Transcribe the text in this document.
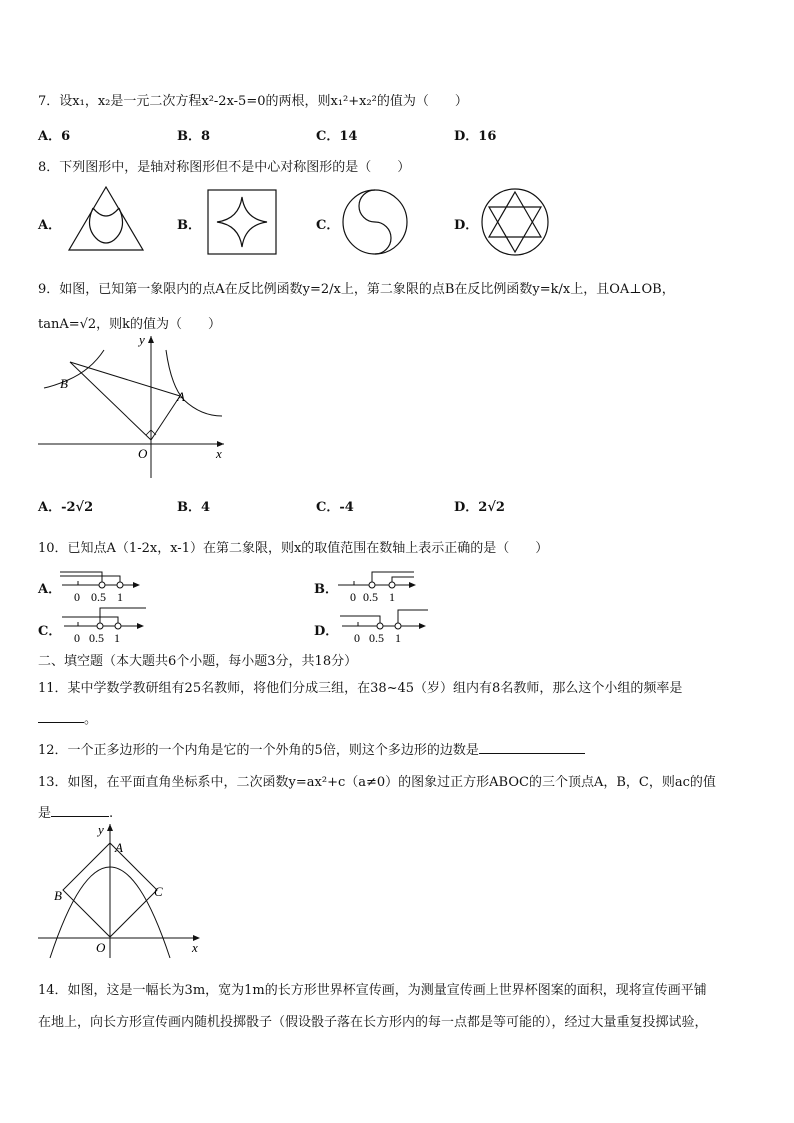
7．设x₁，x₂是一元二次方程x²-2x-5=0的两根，则x₁²+x₂²的值为（　　）
A．6	B．8	C．14	D．16
8．下列图形中，是轴对称图形但不是中心对称图形的是（　　）
A．	B．	C．	D．
9．如图，已知第一象限内的点A在反比例函数y=2/x上，第二象限的点B在反比例函数y=k/x上，且OA⊥OB，
tanA=√2，则k的值为（　　）
y
x
O
A
B
A．-2√2	B．4	C．-4	D．2√2
10．已知点A（1-2x，x-1）在第二象限，则x的取值范围在数轴上表示正确的是（　　）
A． 0 0.5 1	B． 0 0.5 1
C． 0 0.5 1	D． 0 0.5 1
二、填空题（本大题共6个小题，每小题3分，共18分）
11．某中学数学教研组有25名教师，将他们分成三组，在38~45（岁）组内有8名教师，那么这个小组的频率是
。
12．一个正多边形的一个内角是它的一个外角的5倍，则这个多边形的边数是
13．如图，在平面直角坐标系中，二次函数y=ax²+c（a≠0）的图象过正方形ABOC的三个顶点A，B，C，则ac的值
是	.
y
x
O
A
B	C
14．如图，这是一幅长为3m，宽为1m的长方形世界杯宣传画，为测量宣传画上世界杯图案的面积，现将宣传画平铺
在地上，向长方形宣传画内随机投掷骰子（假设骰子落在长方形内的每一点都是等可能的），经过大量重复投掷试验，
